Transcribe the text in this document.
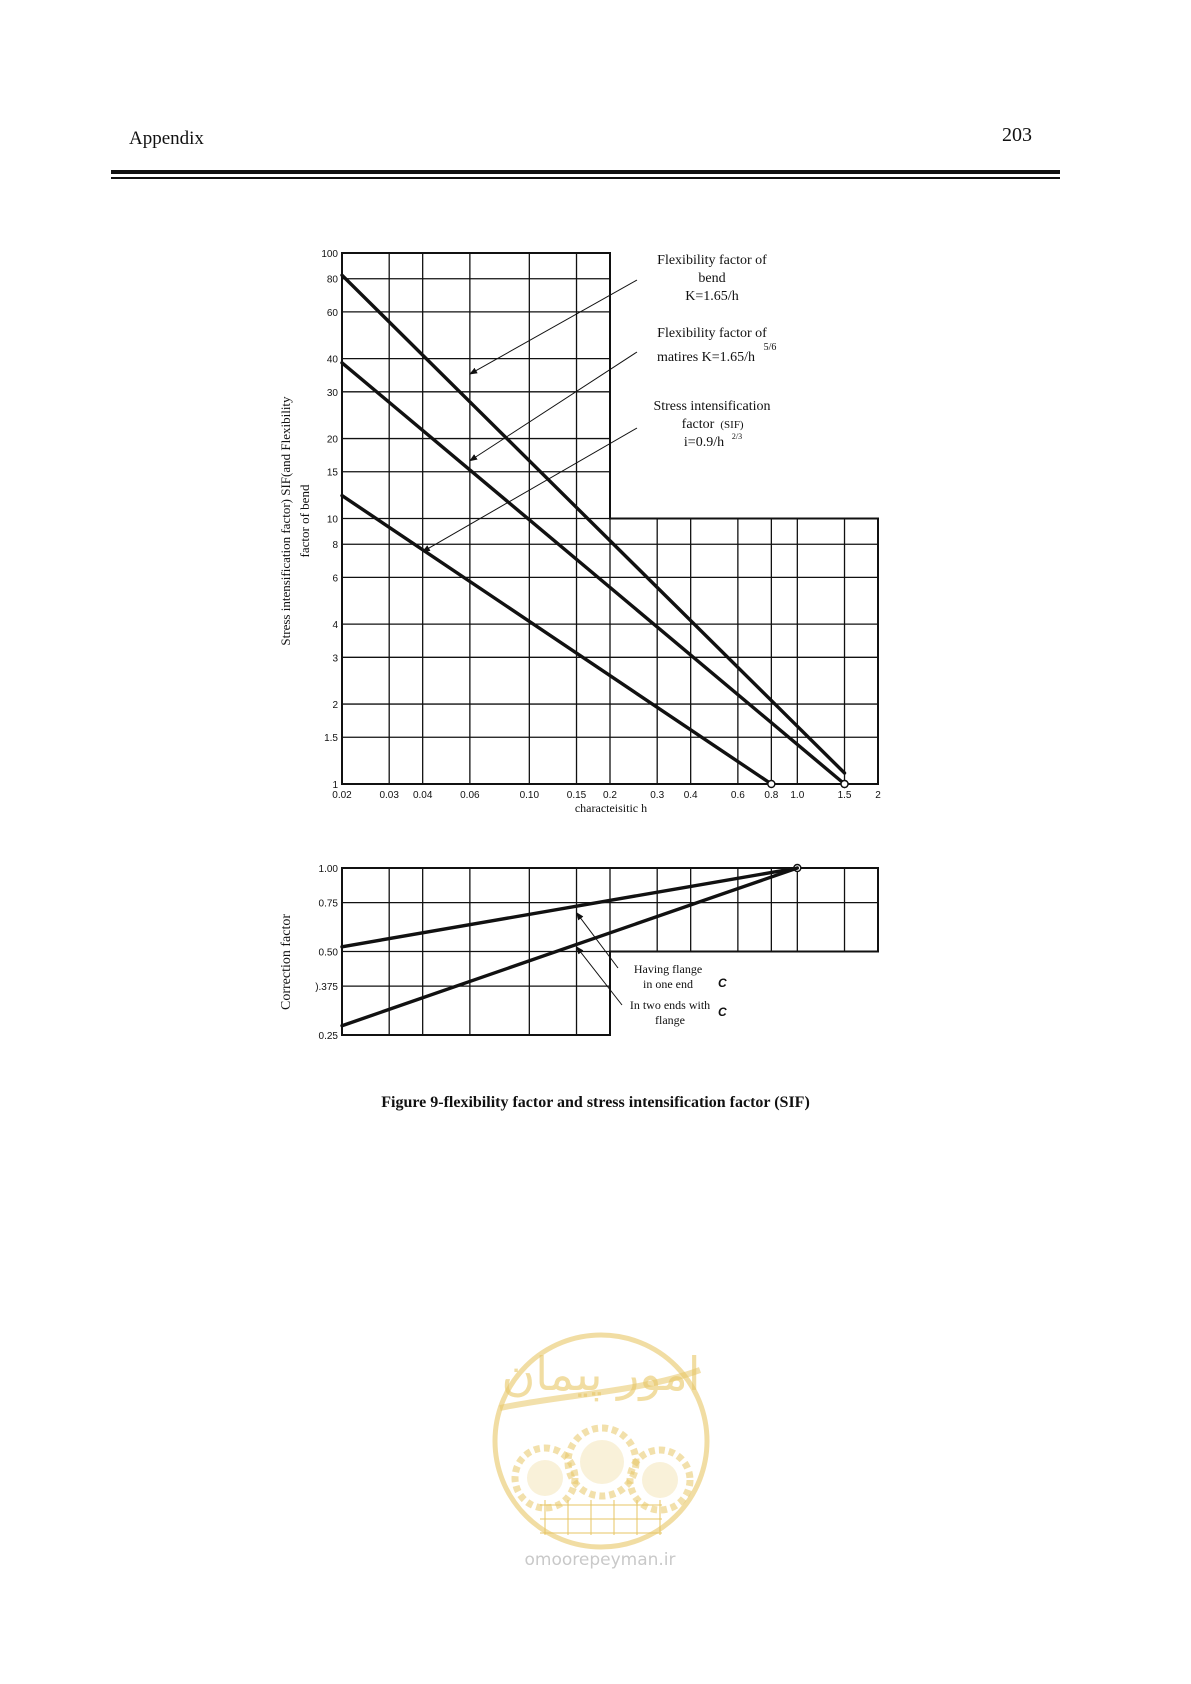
Appendix	203
1
1.5
2
3
4
6
8
10
15
20
30
40
60
80
100
0.02	0.03 0.04	0.06	0.10	0.15 0.2	0.3 0.4	0.6 0.8 1.0	1.5 2
characteisitic h
Stress intensification factor) SIF(and Flexibility factor of bend
Flexibility factor of
bend
K=1.65/h
Flexibility factor of
matires K=1.65/h
5/6
Stress intensification
factor (SIF)
i=0.9/h 2/3
1.00
0.75
0.50
).375
0.25
Correction factor	Having flange
in one end C
In two ends with
flange
C
امور پیمان
Figure 9-flexibility factor and stress intensification factor (SIF)
omoorepeyman.ir
